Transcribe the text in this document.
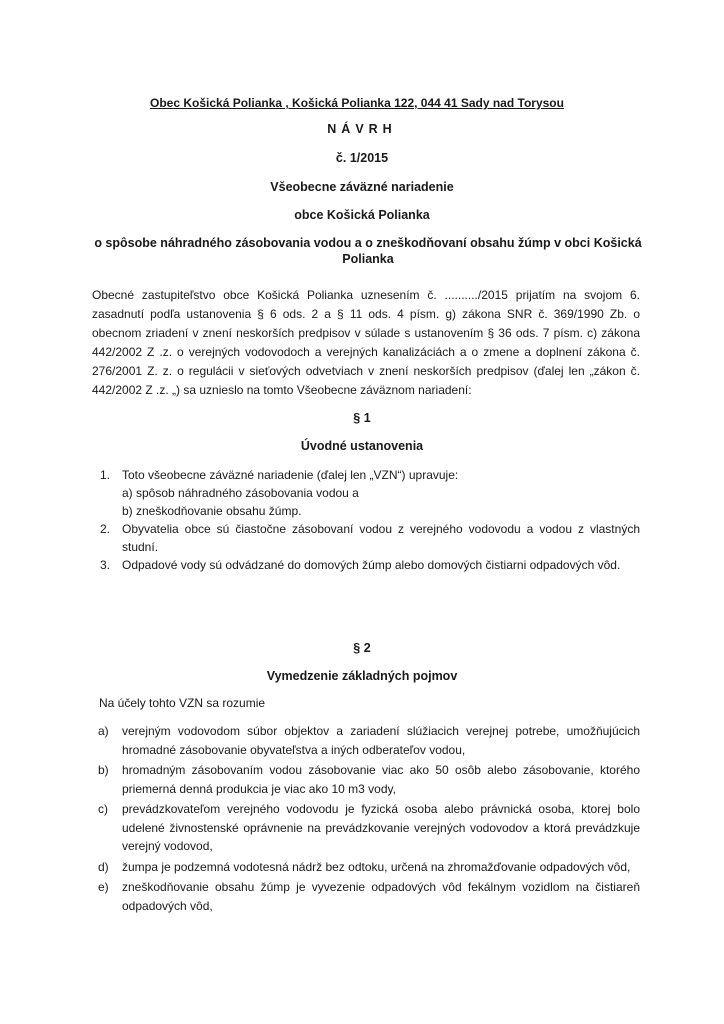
Obec Košická Polianka , Košická Polianka 122, 044 41 Sady nad Torysou

NÁVRH

č. 1/2015

Všeobecne záväzné nariadenie

obce Košická Polianka

o spôsobe náhradného zásobovania vodou a o zneškodňovaní obsahu žúmp v obci Košická Polianka

Obecné zastupiteľstvo obce Košická Polianka uznesením č. ........../2015 prijatím na svojom 6. zasadnutí podľa ustanovenia § 6 ods. 2 a § 11 ods. 4 písm. g) zákona SNR č. 369/1990 Zb. o obecnom zriadení v znení neskorších predpisov v súlade s ustanovením § 36 ods. 7 písm. c) zákona 442/2002 Z .z. o verejných vodovodoch a verejných kanalizáciách a o zmene a doplnení zákona č. 276/2001 Z. z. o regulácii v sieťových odvetviach v znení neskorších predpisov (ďalej len „zákon č. 442/2002 Z .z. „) sa uznieslo na tomto Všeobecne záväznom nariadení:

§ 1

Úvodné ustanovenia

1. Toto všeobecne záväzné nariadenie (ďalej len „VZN“) upravuje:
a) spôsob náhradného zásobovania vodou a
b) zneškodňovanie obsahu žúmp.
2. Obyvatelia obce sú čiastočne zásobovaní vodou z verejného vodovodu a vodou z vlastných studní.
3. Odpadové vody sú odvádzané do domových žúmp alebo domových čistiarni odpadových vôd.

§ 2

Vymedzenie základných pojmov

Na účely tohto VZN sa rozumie

a) verejným vodovodom súbor objektov a zariadení slúžiacich verejnej potrebe, umožňujúcich hromadné zásobovanie obyvateľstva a iných odberateľov vodou,
b) hromadným zásobovaním vodou zásobovanie viac ako 50 osôb alebo zásobovanie, ktorého priemerná denná produkcia je viac ako 10 m3 vody,
c) prevádzkovateľom verejného vodovodu je fyzická osoba alebo právnická osoba, ktorej bolo udelené živnostenské oprávnenie na prevádzkovanie verejných vodovodov a ktorá prevádzkuje verejný vodovod,
d) žumpa je podzemná vodotesná nádrž bez odtoku, určená na zhromažďovanie odpadových vôd,
e) zneškodňovanie obsahu žúmp je vyvezenie odpadových vôd fekálnym vozidlom na čistiareň odpadových vôd,
